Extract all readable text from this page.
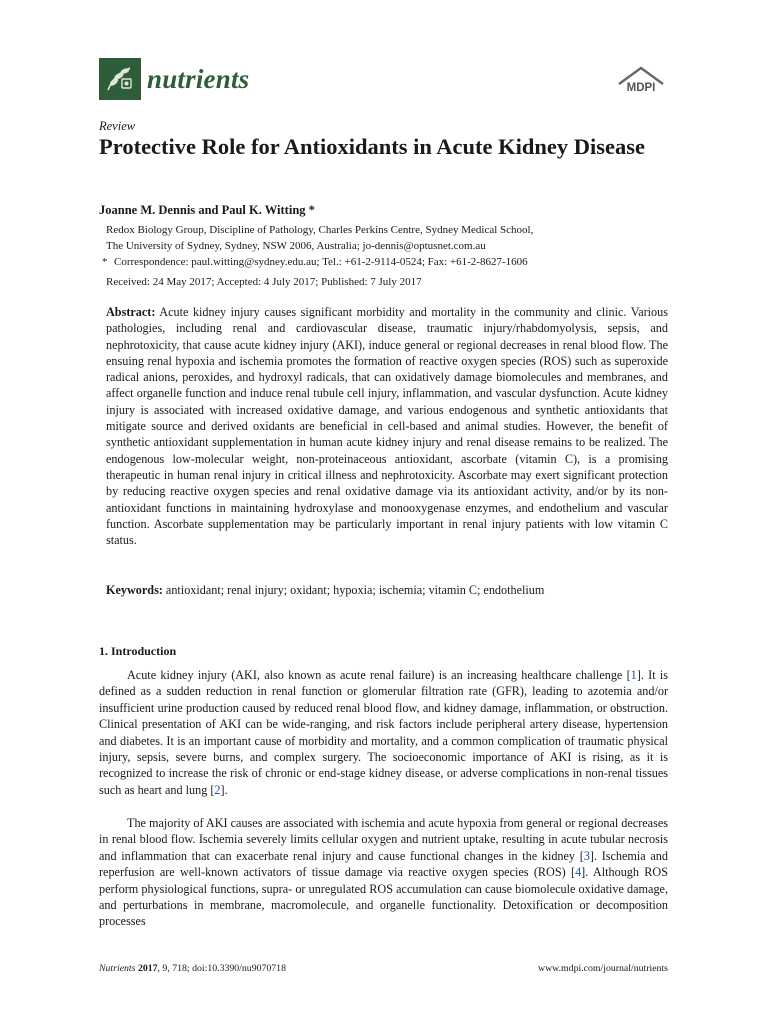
nutrients	MDPI
Review
Protective Role for Antioxidants in Acute Kidney Disease
Joanne M. Dennis and Paul K. Witting *
Redox Biology Group, Discipline of Pathology, Charles Perkins Centre, Sydney Medical School,
The University of Sydney, Sydney, NSW 2006, Australia; jo-dennis@optusnet.com.au
* Correspondence: paul.witting@sydney.edu.au; Tel.: +61-2-9114-0524; Fax: +61-2-8627-1606
Received: 24 May 2017; Accepted: 4 July 2017; Published: 7 July 2017

Abstract: Acute kidney injury causes significant morbidity and mortality in the community and clinic. Various pathologies, including renal and cardiovascular disease, traumatic injury/rhabdomyolysis, sepsis, and nephrotoxicity, that cause acute kidney injury (AKI), induce general or regional decreases in renal blood flow. The ensuing renal hypoxia and ischemia promotes the formation of reactive oxygen species (ROS) such as superoxide radical anions, peroxides, and hydroxyl radicals, that can oxidatively damage biomolecules and membranes, and affect organelle function and induce renal tubule cell injury, inflammation, and vascular dysfunction. Acute kidney injury is associated with increased oxidative damage, and various endogenous and synthetic antioxidants that mitigate source and derived oxidants are beneficial in cell-based and animal studies. However, the benefit of synthetic antioxidant supplementation in human acute kidney injury and renal disease remains to be realized. The endogenous low-molecular weight, non-proteinaceous antioxidant, ascorbate (vitamin C), is a promising therapeutic in human renal injury in critical illness and nephrotoxicity. Ascorbate may exert significant protection by reducing reactive oxygen species and renal oxidative damage via its antioxidant activity, and/or by its non-antioxidant functions in maintaining hydroxylase and monooxygenase enzymes, and endothelium and vascular function. Ascorbate supplementation may be particularly important in renal injury patients with low vitamin C status.

Keywords: antioxidant; renal injury; oxidant; hypoxia; ischemia; vitamin C; endothelium

1. Introduction

Acute kidney injury (AKI, also known as acute renal failure) is an increasing healthcare challenge [1]. It is defined as a sudden reduction in renal function or glomerular filtration rate (GFR), leading to azotemia and/or insufficient urine production caused by reduced renal blood flow, and kidney damage, inflammation, or obstruction. Clinical presentation of AKI can be wide-ranging, and risk factors include peripheral artery disease, hypertension and diabetes. It is an important cause of morbidity and mortality, and a common complication of traumatic physical injury, sepsis, severe burns, and complex surgery. The socioeconomic importance of AKI is rising, as it is recognized to increase the risk of chronic or end-stage kidney disease, or adverse complications in non-renal tissues such as heart and lung [2].

The majority of AKI causes are associated with ischemia and acute hypoxia from general or regional decreases in renal blood flow. Ischemia severely limits cellular oxygen and nutrient uptake, resulting in acute tubular necrosis and inflammation that can exacerbate renal injury and cause functional changes in the kidney [3]. Ischemia and reperfusion are well-known activators of tissue damage via reactive oxygen species (ROS) [4]. Although ROS perform physiological functions, supra- or unregulated ROS accumulation can cause biomolecule oxidative damage, and perturbations in membrane, macromolecule, and organelle functionality. Detoxification or decomposition processes

Nutrients 2017, 9, 718; doi:10.3390/nu9070718	www.mdpi.com/journal/nutrients
